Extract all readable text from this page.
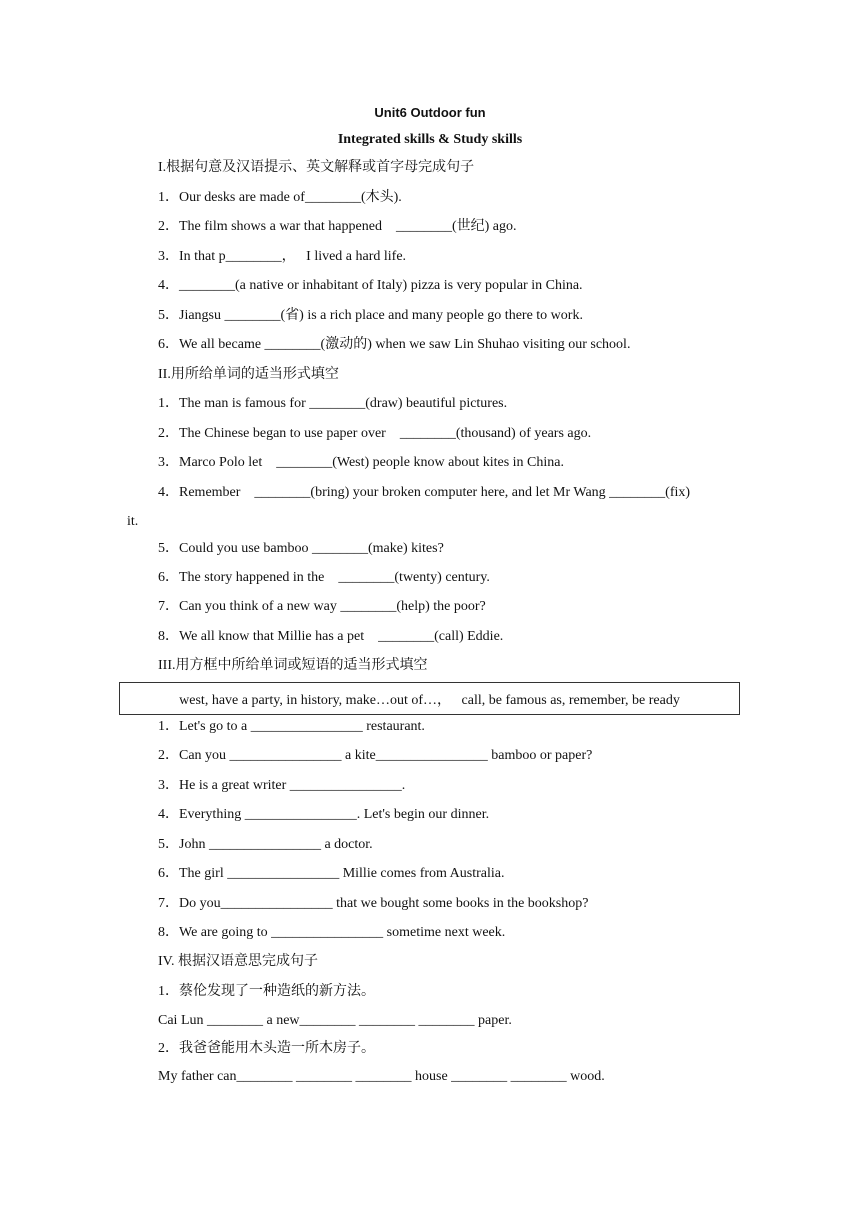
Unit6 Outdoor fun
Integrated skills & Study skills
I.根据句意及汉语提示、英文解释或首字母完成句子
1．Our desks are made of________(木头).
2．The film shows a war that happened    ________(世纪) ago.
3．In that p________，   I lived a hard life.
4．________(a native or inhabitant of Italy) pizza is very popular in China.
5．Jiangsu ________(省) is a rich place and many people go there to work.
6．We all became ________(激动的) when we saw Lin Shuhao visiting our school.
II.用所给单词的适当形式填空
1．The man is famous for ________(draw) beautiful pictures.
2．The Chinese began to use paper over    ________(thousand) of years ago.
3．Marco Polo let    ________(West) people know about kites in China.
4．Remember    ________(bring) your broken computer here, and let Mr Wang ________(fix)
it.
5．Could you use bamboo ________(make) kites?
6．The story happened in the    ________(twenty) century.
7．Can you think of a new way ________(help) the poor?
8．We all know that Millie has a pet    ________(call) Eddie.
III.用方框中所给单词或短语的适当形式填空
west, have a party, in history, make…out of…，   call, be famous as, remember, be ready
1．Let's go to a ________________ restaurant.
2．Can you ________________ a kite________________ bamboo or paper?
3．He is a great writer ________________.
4．Everything ________________. Let's begin our dinner.
5．John ________________ a doctor.
6．The girl ________________ Millie comes from Australia.
7．Do you________________ that we bought some books in the bookshop?
8．We are going to ________________ sometime next week.
IV. 根据汉语意思完成句子
1．蔡伦发现了一种造纸的新方法。
Cai Lun ________ a new________ ________ ________ paper.
2．我爸爸能用木头造一所木房子。
My father can________ ________ ________ house ________ ________ wood.
